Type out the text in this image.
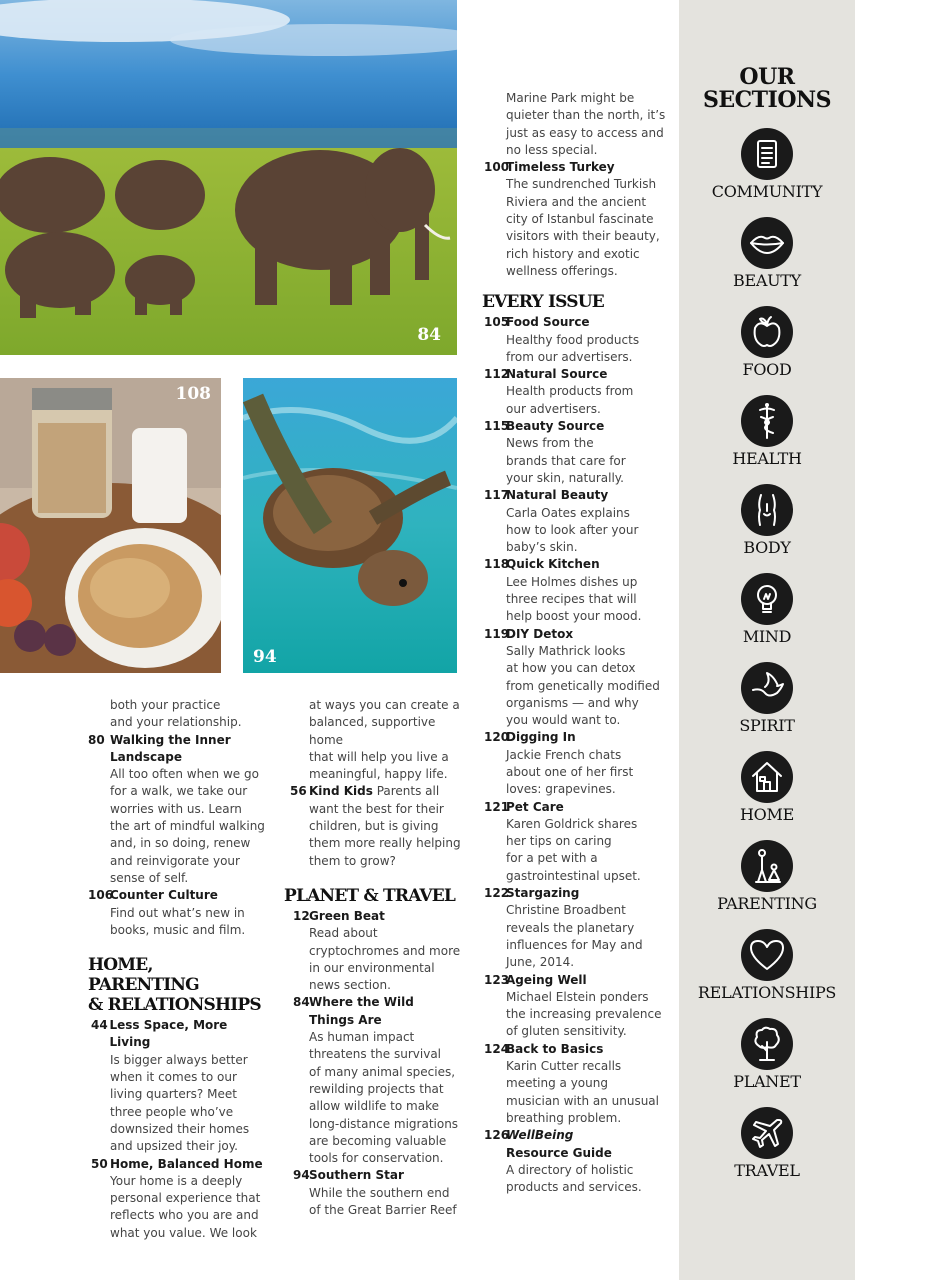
84
108
94
both your practice
and your relationship.
80 Walking the Inner
Landscape
All too often when we go
for a walk, we take our
worries with us. Learn
the art of mindful walking
and, in so doing, renew
and reinvigorate your
sense of self.
106
Counter Culture
Find out what’s new in
books, music and film.
HOME, PARENTING
& RELATIONSHIPS
44 Less Space, More Living
Is bigger always better
when it comes to our
living quarters? Meet
three people who’ve
downsized their homes
and upsized their joy.
50 Home, Balanced Home
Your home is a deeply
personal experience that
reflects who you are and
what you value. We look
at ways you can create a
balanced, supportive home
that will help you live a
meaningful, happy life.
56 Kind Kids
Parents all
want the best for their
children, but is giving
them more really helping
them to grow?
PLANET & TRAVEL
12 Green Beat
Read about
cryptochromes and more
in our environmental
news section.
84 Where the Wild
Things Are
As human impact
threatens the survival
of many animal species,
rewilding projects that
allow wildlife to make
long-distance migrations
are becoming valuable
tools for conservation.
94 Southern Star
While the southern end
of the Great Barrier Reef
Marine Park might be
quieter than the north, it’s
just as easy to access and
no less special.
100
Timeless Turkey
The sundrenched Turkish
Riviera and the ancient
city of Istanbul fascinate
visitors with their beauty,
rich history and exotic
wellness offerings.
EVERY ISSUE
105
Food Source
Healthy food products
from our advertisers.
112
Natural Source
Health products from
our advertisers.
115
Beauty Source
News from the
brands that care for
your skin, naturally.
117
Natural Beauty
Carla Oates explains
how to look after your
baby’s skin.
118
Quick Kitchen
Lee Holmes dishes up
three recipes that will
help boost your mood.
119
DIY Detox
Sally Mathrick looks
at how you can detox
from genetically modified
organisms — and why
you would want to.
120
Digging In
Jackie French chats
about one of her first
loves: grapevines.
121
Pet Care
Karen Goldrick shares
her tips on caring
for a pet with a
gastrointestinal upset.
122
Stargazing
Christine Broadbent
reveals the planetary
influences for May and
June, 2014.
123
Ageing Well
Michael Elstein ponders
the increasing prevalence
of gluten sensitivity.
124
Back to Basics
Karin Cutter recalls
meeting a young
musician with an unusual
breathing problem.
126
WellBeing
Resource Guide
A directory of holistic
products and services.
OUR
SECTIONS
COMMUNITY
BEAUTY
FOOD
HEALTH
BODY
MIND
SPIRIT
HOME
PARENTING
RELATIONSHIPS
PLANET
TRAVEL
